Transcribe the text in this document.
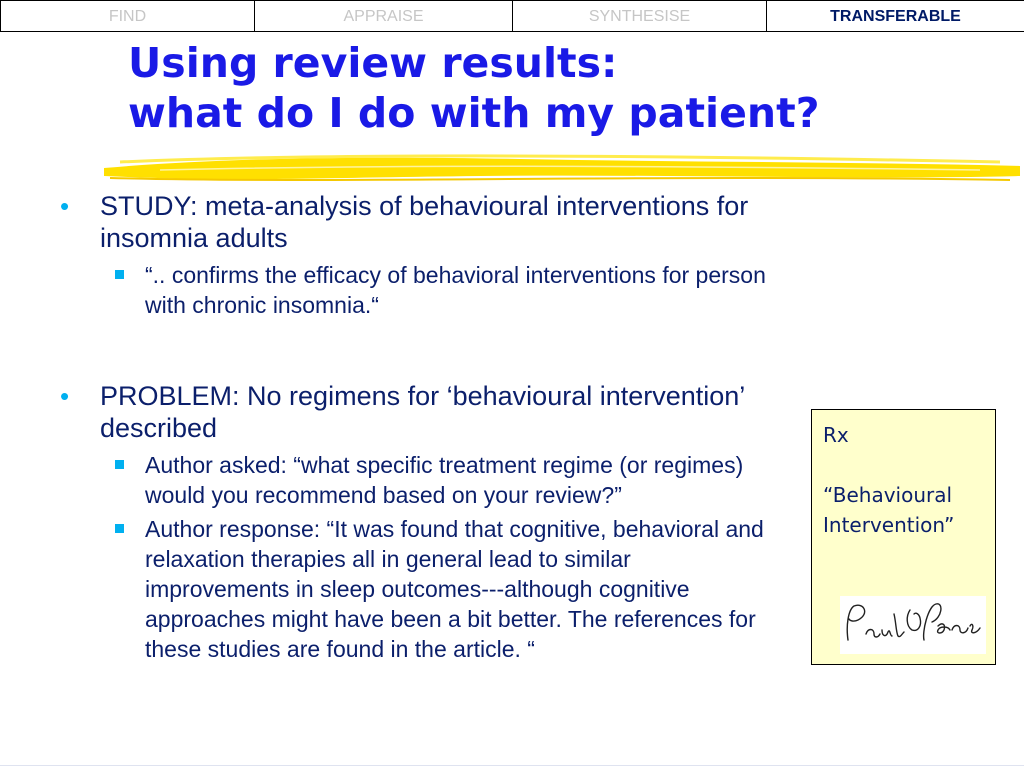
FIND	APPRAISE	SYNTHESISE	TRANSFERABLE
Using review results:
what do I do with my patient?
• STUDY: meta-analysis of behavioural interventions for insomnia adults
“.. confirms the efficacy of behavioral interventions for person with chronic insomnia.“
• PROBLEM: No regimens for ‘behavioural intervention’ described
Author asked: “what specific treatment regime (or regimes) would you recommend based on your review?”
Author response: “It was found that cognitive, behavioral and relaxation therapies all in general lead to similar improvements in sleep outcomes---although cognitive approaches might have been a bit better. The references for these studies are found in the article. “
Rx
“Behavioural
Intervention”
